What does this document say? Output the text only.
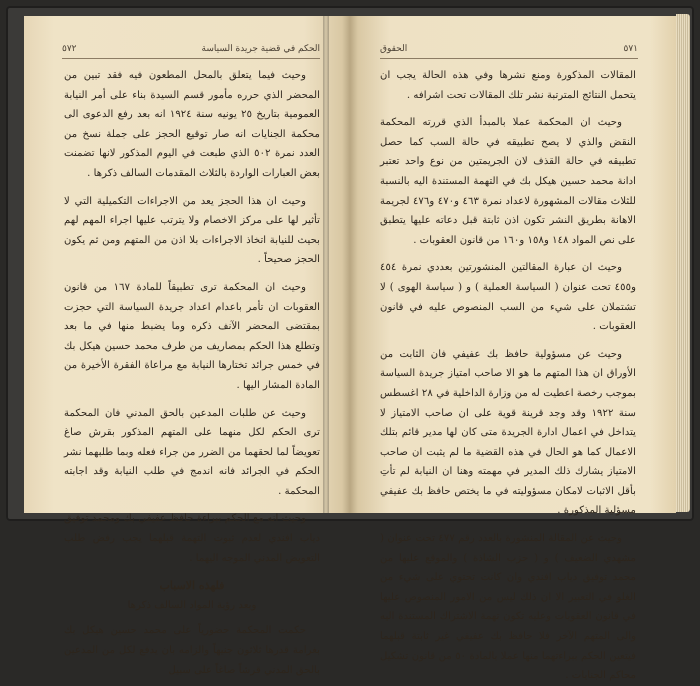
الحكم في قضية جريدة السياسة
٥٧٢

وحيث فيما يتعلق بالمحل المطعون فيه فقد تبين من المحضر الذي حرره مأمور قسم السيدة بناء على أمر النيابة العمومية بتاريخ ٢٥ يونيه سنة ١٩٢٤ انه بعد رفع الدعوى الى محكمة الجنايات انه صار توقيع الحجز على جملة نسخ من العدد نمرة ٥٠٢ الذي طبعت في اليوم المذكور لانها تضمنت بعض العبارات الواردة بالثلاث المقدمات السالف ذكرها .

وحيث ان هذا الحجز يعد من الاجراءات التكميلية التي لا تأثير لها على مركز الاخصام ولا يترتب عليها اجراء المهم لهم بحيث للنيابة اتخاذ الاجراءات بلا اذن من المتهم ومن ثم يكون الحجز صحيحاً .

وحيث ان المحكمة ترى تطبيقاً للمادة ١٦٧ من قانون العقوبات ان تأمر باعدام اعداد جريدة السياسة التي حجزت بمقتضى المحضر الآنف ذكره وما يضبط منها في ما بعد وتطلع هذا الحكم بمصاريف من طرف محمد حسين هيكل بك في خمس جرائد تختارها النيابة مع مراعاة الفقرة الأخيرة من المادة المشار اليها .

وحيث عن طلبات المدعين بالحق المدني فان المحكمة ترى الحكم لكل منهما على المتهم المذكور بقرش صاغ تعويضاً لما لحقهما من الضرر من جراء فعله وبما طلبهما نشر الحكم في الجرائد فانه اندمج في طلب النيابة وقد اجابته المحكمة .

وحيث انه مع الحكم ببراءة حافظ عفيفي بك ومحمد توفيق دياب افندي لعدم ثبوت التهمة قبلهما يجب رفض طلب التعويض المدني الموجه اليهما .

فلهذه الاسباب

وبعد رؤية المواد السالف ذكرها

حكمت المحكمة حضورياً على محمد حسين هيكل بك بغرامة قدرها ثلاثون جنيهاً والزامه بان يدفع لكل من المدعين بالحق المدني قرشاً صاغاً على سبيل

٥٧١
الحقوق

المقالات المذكورة ومنع نشرها وفي هذه الحالة يجب ان يتحمل النتائج المترتبة نشر تلك المقالات تحت اشرافه .

وحيث ان المحكمة عملا بالمبدأ الذي قررته المحكمة النقض والذي لا يصح تطبيقه في حالة السب كما حصل تطبيقه في حالة القذف لان الجريمتين من نوع واحد تعتبر ادانة محمد حسين هيكل بك في التهمة المستندة اليه بالنسبة للثلاث مقالات المشهورة لاعداد نمرة ٤٦٣ و٤٧٠ و٤٧٦ لجريمة الاهانة بطريق النشر تكون اذن ثابتة قبل دعاته عليها يتطبق على نص المواد ١٤٨ و١٥٨ و١٦٠ من قانون العقوبات .

وحيث ان عبارة المقالتين المنشورتين بعددي نمرة ٤٥٤ و٤٥٥ تحت عنوان ( السياسة العملية ) و ( سياسة الهوى ) لا تشتملان على شيء من السب المنصوص عليه في قانون العقوبات .

وحيث عن مسؤولية حافظ بك عفيفي فان الثابت من الأوراق ان هذا المتهم ما هو الا صاحب امتياز جريدة السياسة بموجب رخصة اعطيت له من وزارة الداخلية في ٢٨ اغسطس سنة ١٩٢٢ وقد وجد قرينة قوية على ان صاحب الامتياز لا يتداخل في اعمال ادارة الجريدة متى كان لها مدير قائم بتلك الاعمال كما هو الحال في هذه القضية ما لم يثبت ان صاحب الامتياز يشارك ذلك المدير في مهمته وهنا ان النيابة لم تأتِ بأقل الاثبات لامكان مسؤوليته في ما يختص حافظ بك عفيفي مسؤلية المذكورة .

وحيث عن المقالة المنشورة بالعدد رقم ٤٧٧ تحت عنوان ( مشهدي الضعيف ) و ( حزب الشاذة ) والموقع عليها من محمد توفيق دياب افندي وان كانت تحتوي على شيء من الغلو في التعبير الا ان ذلك ليس من الامور المنصوص عليها في قانون العقوبات وعليه تكون تهمة الاشتراك المستندة اليه والى المتهم الآخر فلا حافظ بك عفيفي غير ثابتة قبلهما فيتعين الحكم ببراءتهما منها عملا بالمادة ٥٠ من قانون تشكيل محاكم الجنايات .
